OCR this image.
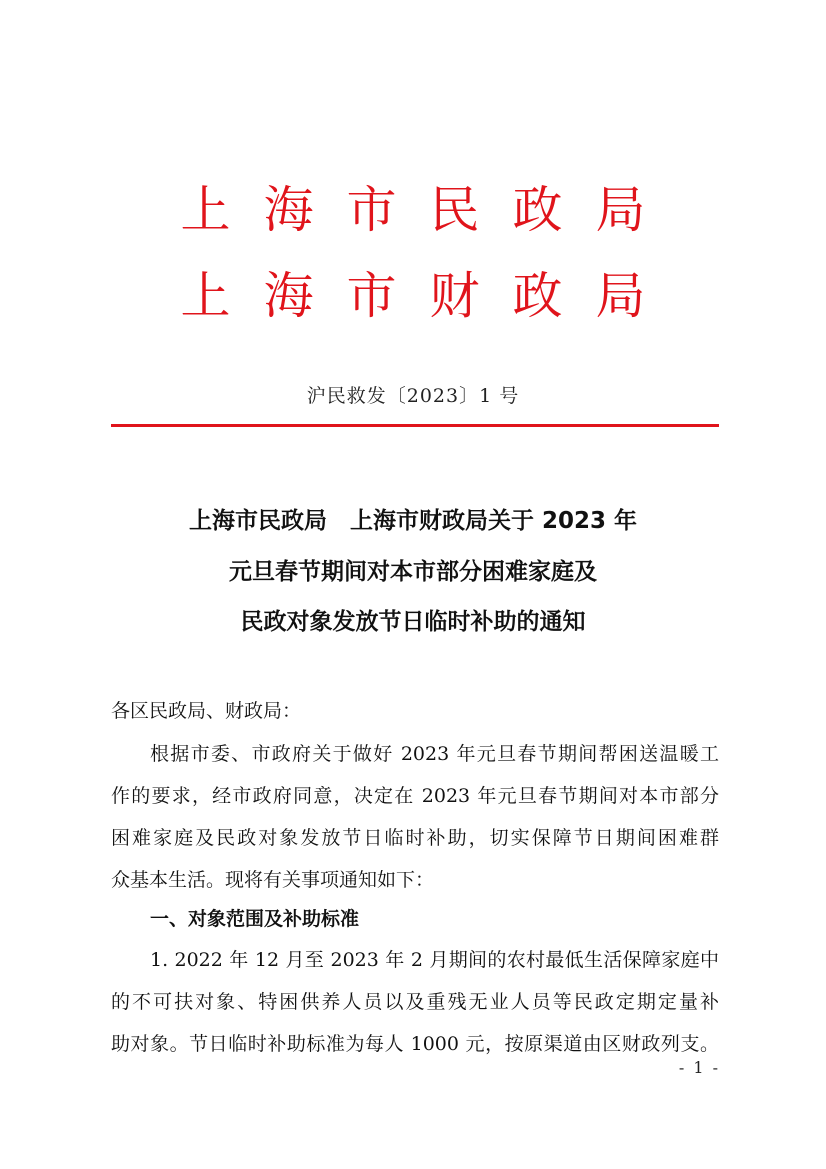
上海市民政局
上海市财政局
沪民救发〔2023〕1 号
上海市民政局　上海市财政局关于 2023 年
元旦春节期间对本市部分困难家庭及
民政对象发放节日临时补助的通知
各区民政局、财政局：
根据市委、市政府关于做好 2023 年元旦春节期间帮困送温暖工
作的要求，经市政府同意，决定在 2023 年元旦春节期间对本市部分
困难家庭及民政对象发放节日临时补助，切实保障节日期间困难群
众基本生活。现将有关事项通知如下：
一、对象范围及补助标准
1. 2022 年 12 月至 2023 年 2 月期间的农村最低生活保障家庭中
的不可扶对象、特困供养人员以及重残无业人员等民政定期定量补
助对象。节日临时补助标准为每人 1000 元，按原渠道由区财政列支。
- 1 -
